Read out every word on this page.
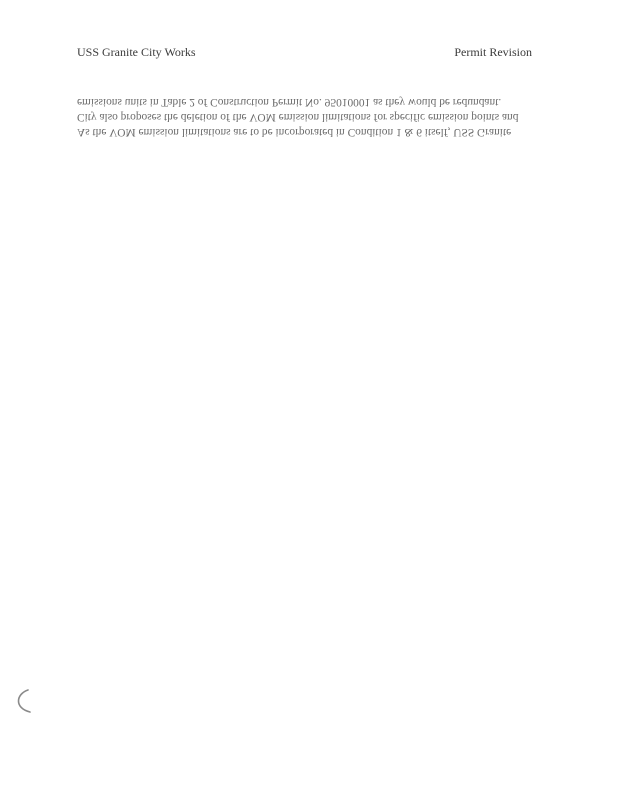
USS Granite City Works	Permit Revision
As the VOM emission limitations are to be incorporated in Condition 1 & 6 itself, USS Granite
City also proposes the deletion of the VOM emission limitations for specific emission points and
emissions units in Table 2 of Construction Permit No. 95010001 as they would be redundant.
